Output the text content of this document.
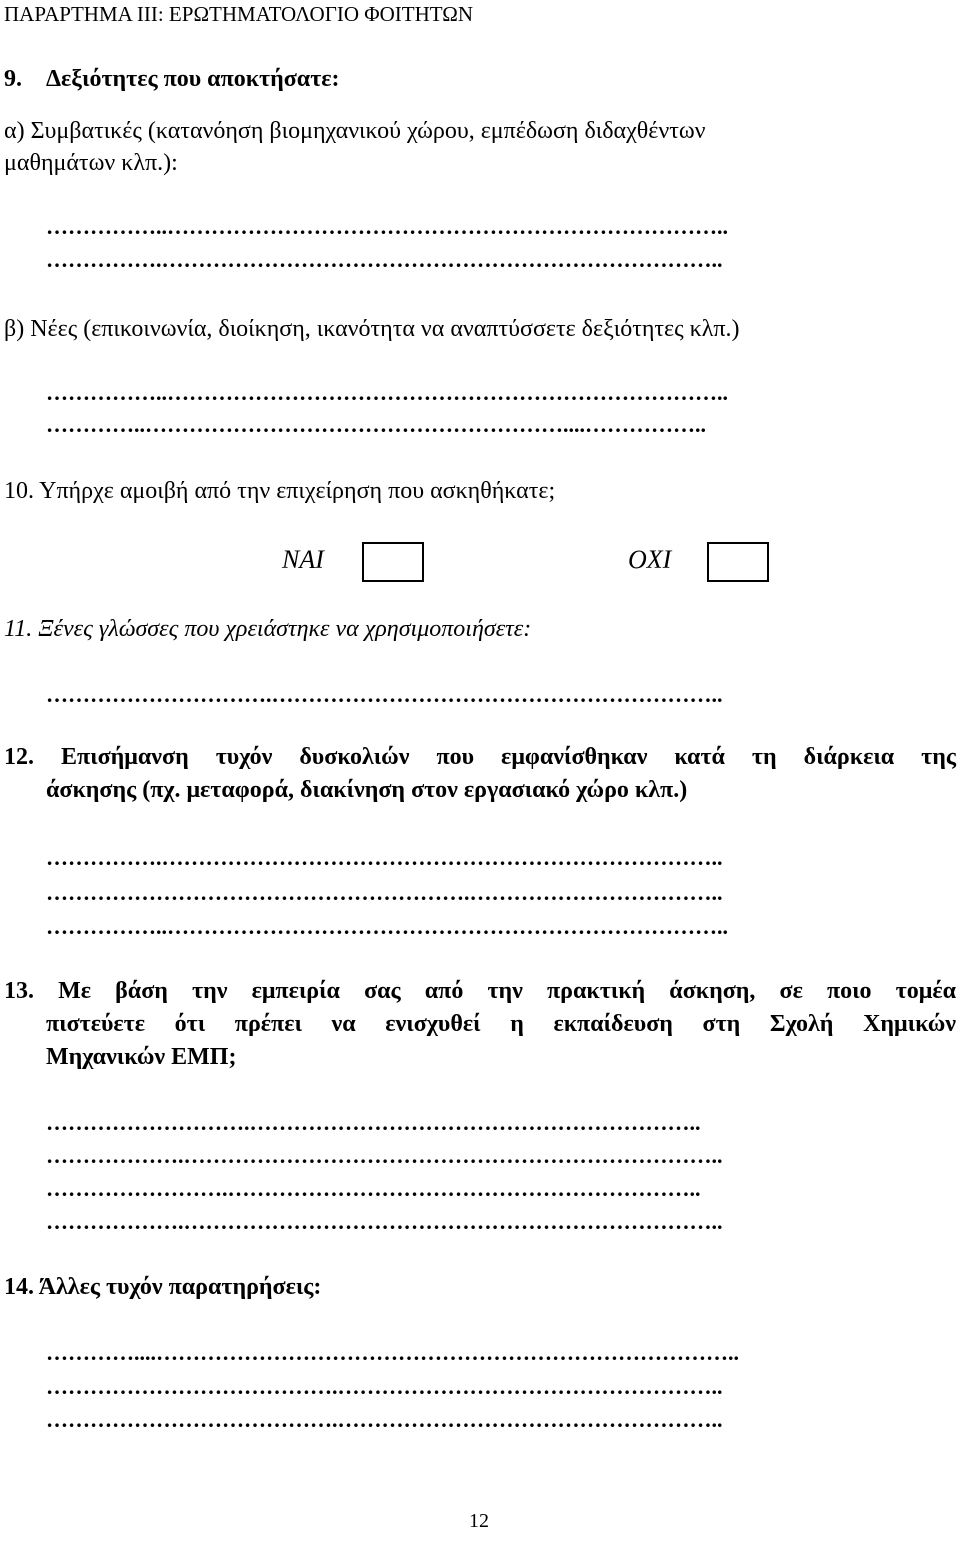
ΠΑΡΑΡΤΗΜΑ ΙΙΙ: ΕΡΩΤΗΜΑΤΟΛΟΓΙΟ ΦΟΙΤΗΤΩΝ
9. Δεξιότητες που αποκτήσατε:
α) Συμβατικές (κατανόηση βιομηχανικού χώρου, εμπέδωση διδαχθέντων
μαθημάτων κλπ.):
……………..…………………………………………………………………..
…………….…………………………………………………………………..
β) Νέες (επικοινωνία, διοίκηση, ικανότητα να αναπτύσσετε δεξιότητες κλπ.)
……………..…………………………………………………………………..
…………..…………………………………………………....……………..
10. Υπήρχε αμοιβή από την επιχείρηση που ασκηθήκατε;
ΝΑΙ	ΟΧΙ
11. Ξένες γλώσσες που χρειάστηκε να χρησιμοποιήσετε:
………………………….……………………………………………………..
12. Επισήμανση τυχόν δυσκολιών που εμφανίσθηκαν κατά τη διάρκεια της
άσκησης (πχ. μεταφορά, διακίνηση στον εργασιακό χώρο κλπ.)
…………….…………………………………………………………………..
………………………………………………….……………………………..
……………..…………………………………………………………………..
13. Με βάση την εμπειρία σας από την πρακτική άσκηση, σε ποιο τομέα
πιστεύετε ότι πρέπει να ενισχυθεί η εκπαίδευση στη Σχολή Χημικών
Μηχανικών ΕΜΠ;
……………………….……………………………………………………..
……………….………………………………………………………………..
…………………….………………………………………………………..
……………….………………………………………………………………..
14. Άλλες τυχόν παρατηρήσεις:
…………....……………………………………………………………………..
………………………………….……………………………………………..
………………………………….……………………………………………..
12
